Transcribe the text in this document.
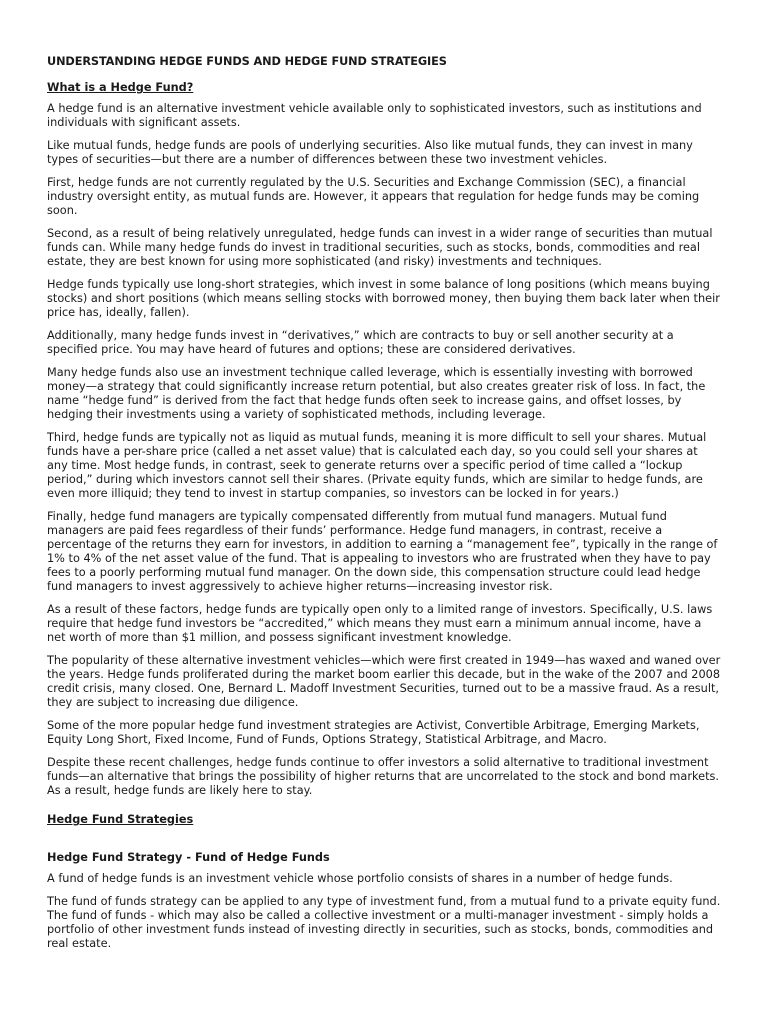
UNDERSTANDING HEDGE FUNDS AND HEDGE FUND STRATEGIES

What is a Hedge Fund?

A hedge fund is an alternative investment vehicle available only to sophisticated investors, such as institutions and individuals with significant assets.

Like mutual funds, hedge funds are pools of underlying securities. Also like mutual funds, they can invest in many types of securities—but there are a number of differences between these two investment vehicles.

First, hedge funds are not currently regulated by the U.S. Securities and Exchange Commission (SEC), a financial industry oversight entity, as mutual funds are. However, it appears that regulation for hedge funds may be coming soon.

Second, as a result of being relatively unregulated, hedge funds can invest in a wider range of securities than mutual funds can. While many hedge funds do invest in traditional securities, such as stocks, bonds, commodities and real estate, they are best known for using more sophisticated (and risky) investments and techniques.

Hedge funds typically use long-short strategies, which invest in some balance of long positions (which means buying stocks) and short positions (which means selling stocks with borrowed money, then buying them back later when their price has, ideally, fallen).

Additionally, many hedge funds invest in “derivatives,” which are contracts to buy or sell another security at a specified price. You may have heard of futures and options; these are considered derivatives.

Many hedge funds also use an investment technique called leverage, which is essentially investing with borrowed money—a strategy that could significantly increase return potential, but also creates greater risk of loss. In fact, the name “hedge fund” is derived from the fact that hedge funds often seek to increase gains, and offset losses, by hedging their investments using a variety of sophisticated methods, including leverage.

Third, hedge funds are typically not as liquid as mutual funds, meaning it is more difficult to sell your shares. Mutual funds have a per-share price (called a net asset value) that is calculated each day, so you could sell your shares at any time. Most hedge funds, in contrast, seek to generate returns over a specific period of time called a “lockup period,” during which investors cannot sell their shares. (Private equity funds, which are similar to hedge funds, are even more illiquid; they tend to invest in startup companies, so investors can be locked in for years.)

Finally, hedge fund managers are typically compensated differently from mutual fund managers. Mutual fund managers are paid fees regardless of their funds’ performance. Hedge fund managers, in contrast, receive a percentage of the returns they earn for investors, in addition to earning a “management fee”, typically in the range of 1% to 4% of the net asset value of the fund. That is appealing to investors who are frustrated when they have to pay fees to a poorly performing mutual fund manager. On the down side, this compensation structure could lead hedge fund managers to invest aggressively to achieve higher returns—increasing investor risk.

As a result of these factors, hedge funds are typically open only to a limited range of investors. Specifically, U.S. laws require that hedge fund investors be “accredited,” which means they must earn a minimum annual income, have a net worth of more than $1 million, and possess significant investment knowledge.

The popularity of these alternative investment vehicles—which were first created in 1949—has waxed and waned over the years. Hedge funds proliferated during the market boom earlier this decade, but in the wake of the 2007 and 2008 credit crisis, many closed. One, Bernard L. Madoff Investment Securities, turned out to be a massive fraud. As a result, they are subject to increasing due diligence.

Some of the more popular hedge fund investment strategies are Activist, Convertible Arbitrage, Emerging Markets, Equity Long Short, Fixed Income, Fund of Funds, Options Strategy, Statistical Arbitrage, and Macro.

Despite these recent challenges, hedge funds continue to offer investors a solid alternative to traditional investment funds—an alternative that brings the possibility of higher returns that are uncorrelated to the stock and bond markets. As a result, hedge funds are likely here to stay.

Hedge Fund Strategies

Hedge Fund Strategy - Fund of Hedge Funds

A fund of hedge funds is an investment vehicle whose portfolio consists of shares in a number of hedge funds.

The fund of funds strategy can be applied to any type of investment fund, from a mutual fund to a private equity fund. The fund of funds - which may also be called a collective investment or a multi-manager investment - simply holds a portfolio of other investment funds instead of investing directly in securities, such as stocks, bonds, commodities and real estate.
